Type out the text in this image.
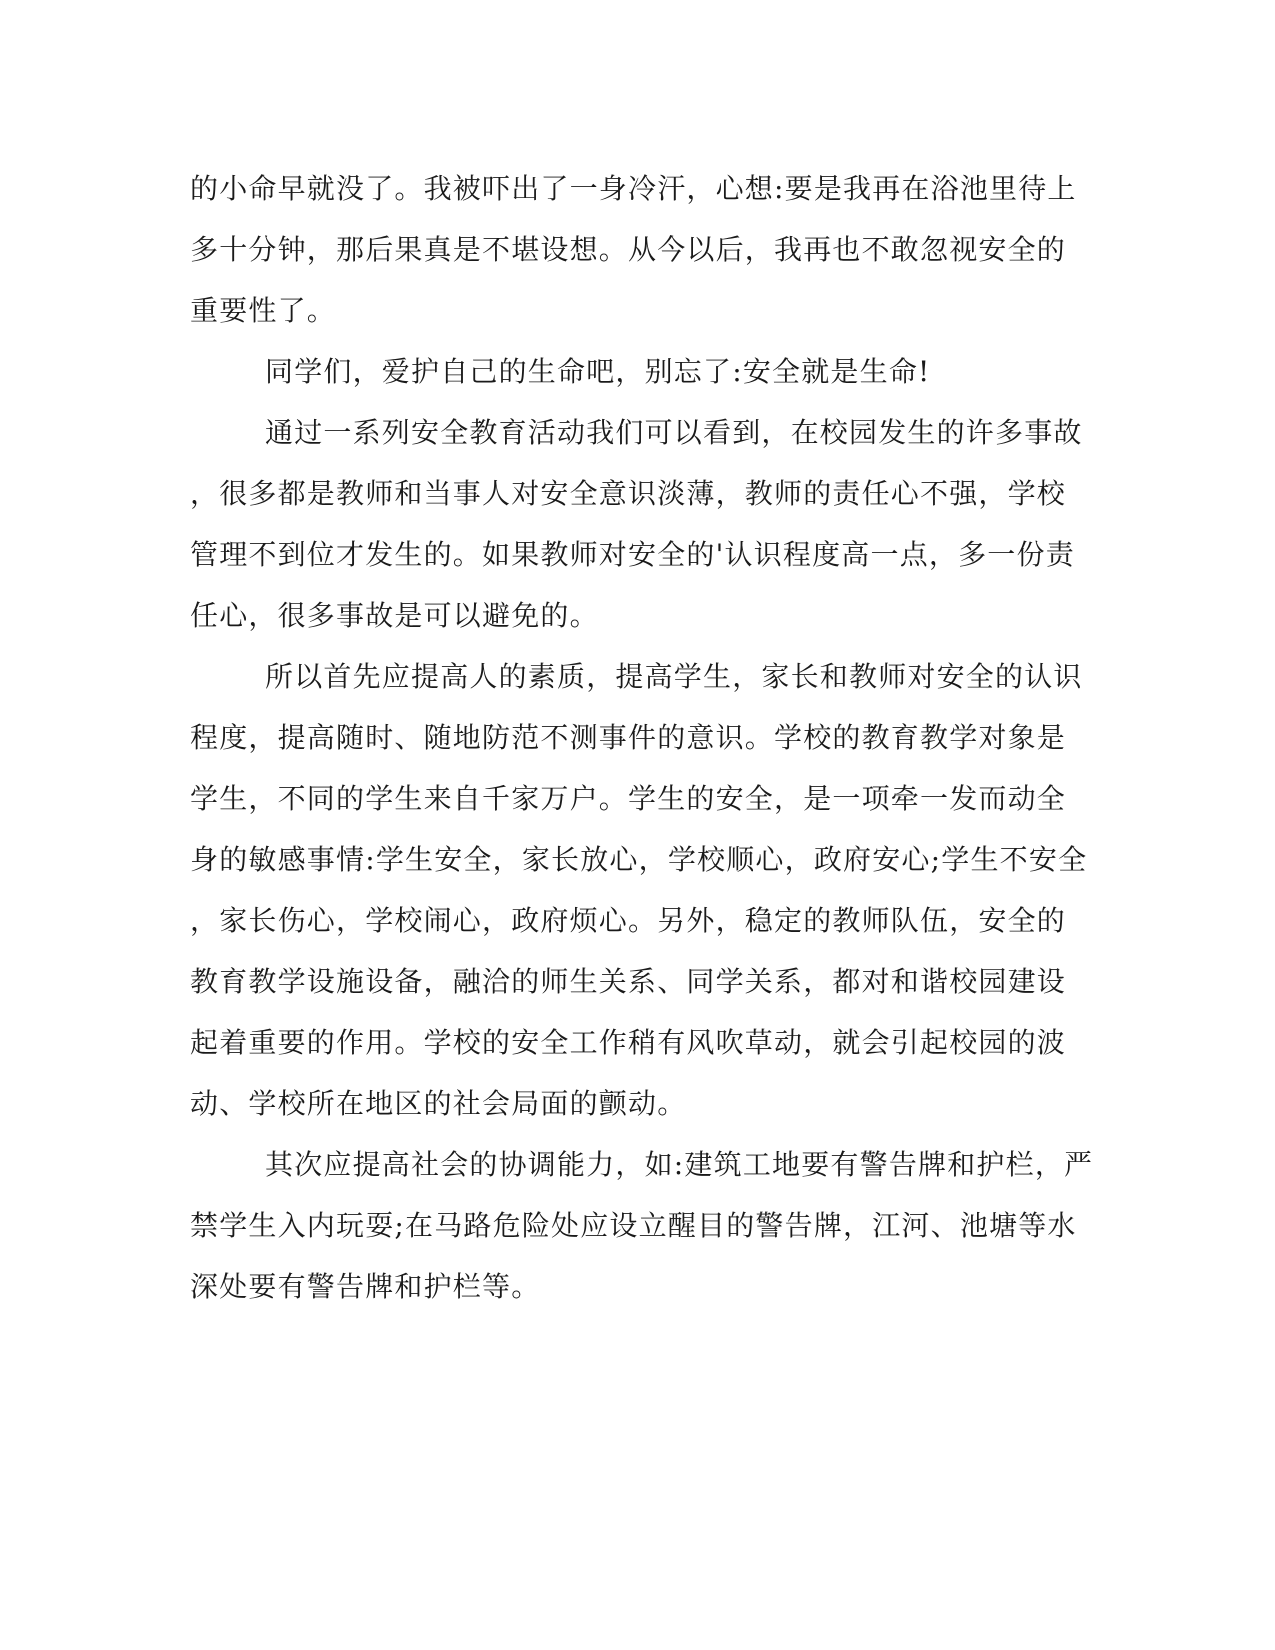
的小命早就没了。我被吓出了一身冷汗，心想:要是我再在浴池里待上
多十分钟，那后果真是不堪设想。从今以后，我再也不敢忽视安全的
重要性了。
同学们，爱护自己的生命吧，别忘了:安全就是生命!
通过一系列安全教育活动我们可以看到，在校园发生的许多事故
，很多都是教师和当事人对安全意识淡薄，教师的责任心不强，学校
管理不到位才发生的。如果教师对安全的'认识程度高一点，多一份责
任心，很多事故是可以避免的。
所以首先应提高人的素质，提高学生，家长和教师对安全的认识
程度，提高随时、随地防范不测事件的意识。学校的教育教学对象是
学生，不同的学生来自千家万户。学生的安全，是一项牵一发而动全
身的敏感事情:学生安全，家长放心，学校顺心，政府安心;学生不安全
，家长伤心，学校闹心，政府烦心。另外，稳定的教师队伍，安全的
教育教学设施设备，融洽的师生关系、同学关系，都对和谐校园建设
起着重要的作用。学校的安全工作稍有风吹草动，就会引起校园的波
动、学校所在地区的社会局面的颤动。
其次应提高社会的协调能力，如:建筑工地要有警告牌和护栏，严
禁学生入内玩耍;在马路危险处应设立醒目的警告牌，江河、池塘等水
深处要有警告牌和护栏等。
